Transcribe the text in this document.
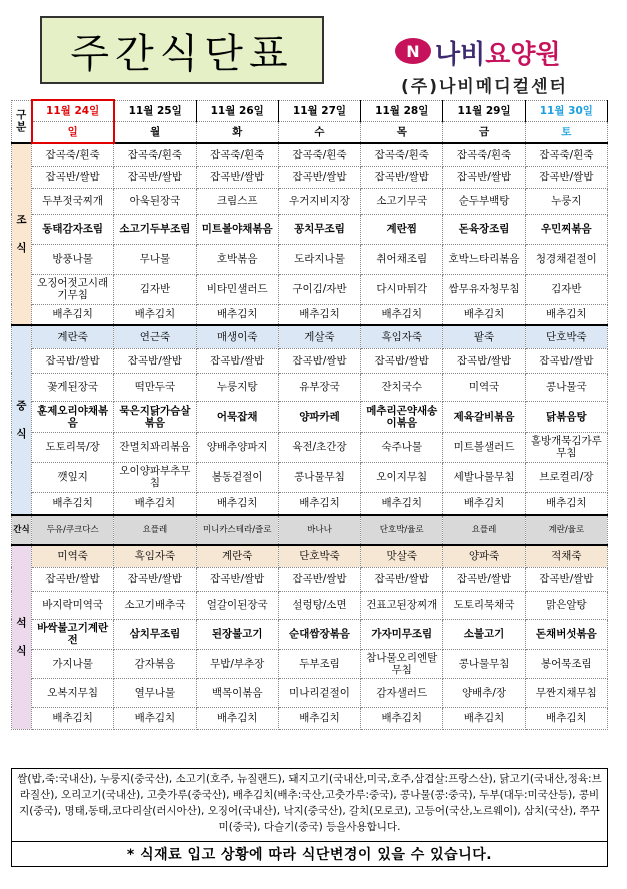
주간식단표	N 나비요양원
(주)나비메디컬센터
구분	11월 24일	11월 25일	11월 26일	11월 27일	11월 28일	11월 29일	11월 30일
	일	월	화	수	목	금	토
조

식	잡곡죽/흰죽	잡곡죽/흰죽	잡곡죽/흰죽	잡곡죽/흰죽	잡곡죽/흰죽	잡곡죽/흰죽	잡곡죽/흰죽
	잡곡반/쌀밥	잡곡반/쌀밥	잡곡반/쌀밥	잡곡반/쌀밥	잡곡반/쌀밥	잡곡반/쌀밥	잡곡반/쌀밥
	두부젓국찌개	아욱된장국	크림스프	우거지비지장	소고기무국	순두부백탕	누룽지
	동태감자조림	소고기두부조림	미트볼야채볶음	꽁치무조림	계란찜	돈육장조림	우민찌볶음
	방풍나물	무나물	호박볶음	도라지나물	취어채조림	호박느타리볶음	청경채겉절이
	오징어젓고시래기무침	김자반	비타민샐러드	구이김/자반	다시마튀각	쌈무유자청무침	김자반
	배추김치	배추김치	배추김치	배추김치	배추김치	배추김치	배추김치
중

식	계란죽	연근죽	매생이죽	게살죽	흑임자죽	팥죽	단호박죽
	잡곡밥/쌀밥	잡곡밥/쌀밥	잡곡밥/쌀밥	잡곡밥/쌀밥	잡곡밥/쌀밥	잡곡밥/쌀밥	잡곡밥/쌀밥
	꽃게된장국	떡만두국	누룽지탕	유부장국	잔치국수	미역국	콩나물국
	훈제오리야채볶음	묵은지닭가슴살볶음	어묵잡채	양파카레	메추리곤약새송이볶음	제육갈비볶음	닭볶음탕
	도토리묵/장	잔멸치꽈리볶음	양배추양파지	육전/초간장	숙주나물	미트볼샐러드	홀방개묵김가루무침
	깻잎지	오이양파부추무침	봄동겉절이	콩나물무침	오이지무침	세발나물무침	브로컬리/장
	배추김치	배추김치	배추김치	배추김치	배추김치	배추김치	배추김치
간식	두유/쿠크다스	요플레	미니카스테라/즐로	바나나	단호박/율로	요플레	계란/율로
석

식	미역죽	흑임자죽	계란죽	단호박죽	맛살죽	양파죽	적채죽
	잡곡반/쌀밥	잡곡반/쌀밥	잡곡반/쌀밥	잡곡반/쌀밥	잡곡반/쌀밥	잡곡반/쌀밥	잡곡반/쌀밥
	바지락미역국	소고기배추국	얼갈이된장국	설렁탕/소면	건표고된장찌개	도토리묵채국	맑은알탕
	바싹불고기계란전	삼치무조림	된장불고기	순대쌈장볶음	가자미무조림	소불고기	돈채버섯볶음
	가지나물	감자볶음	무밥/부추장	두부조림	참나물오리엔탈무침	콩나물무침	봉어묵조림
	오복지무침	열무나물	백목이볶음	미나리겉절이	감자샐러드	양배추/장	무짠지채무침
	배추김치	배추김치	배추김치	배추김치	배추김치	배추김치	배추김치
쌀(밥,죽:국내산), 누룽지(중국산), 소고기(호주, 뉴질랜드), 돼지고기(국내산,미국,호주,삼겹살:프랑스산), 닭고기(국내산,정육:브라질산), 오리고기(국내산), 고춧가루(중국산), 배추김치(배추:국산,고춧가루:중국), 콩나물(콩:중국), 두부(대두:미국산등), 콩비지(중국), 명태,동태,코다리살(러시아산), 오징어(국내산), 낙지(중국산), 갈치(모로코), 고등어(국산,노르웨이), 삼치(국산), 쭈꾸미(중국), 다슬기(중국) 등을사용합니다.
* 식재료 입고 상황에 따라 식단변경이 있을 수 있습니다.
